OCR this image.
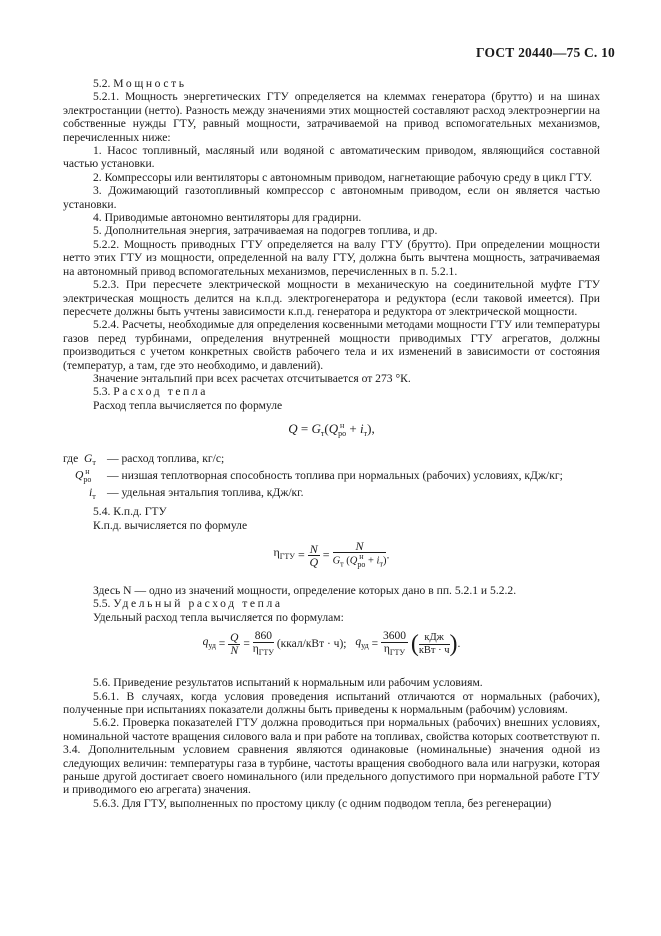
ГОСТ 20440—75 С. 10

5.2. Мощность

5.2.1. Мощность энергетических ГТУ определяется на клеммах генератора (брутто) и на шинах электростанции (нетто). Разность между значениями этих мощностей составляют расход электроэнергии на собственные нужды ГТУ, равный мощности, затрачиваемой на привод вспомогательных механизмов, перечисленных ниже:

1. Насос топливный, масляный или водяной с автоматическим приводом, являющийся составной частью установки.

2. Компрессоры или вентиляторы с автономным приводом, нагнетающие рабочую среду в цикл ГТУ.

3. Дожимающий газотопливный компрессор с автономным приводом, если он является частью установки.

4. Приводимые автономно вентиляторы для градирни.

5. Дополнительная энергия, затрачиваемая на подогрев топлива, и др.

5.2.2. Мощность приводных ГТУ определяется на валу ГТУ (брутто). При определении мощности нетто этих ГТУ из мощности, определенной на валу ГТУ, должна быть вычтена мощность, затрачиваемая на автономный привод вспомогательных механизмов, перечисленных в п. 5.2.1.

5.2.3. При пересчете электрической мощности в механическую на соединительной муфте ГТУ электрическая мощность делится на к.п.д. электрогенератора и редуктора (если таковой имеется). При пересчете должны быть учтены зависимости к.п.д. генератора и редуктора от электрической мощности.

5.2.4. Расчеты, необходимые для определения косвенными методами мощности ГТУ или температуры газов перед турбинами, определения внутренней мощности приводимых ГТУ агрегатов, должны производиться с учетом конкретных свойств рабочего тела и их изменений в зависимости от состояния (температур, а там, где это необходимо, и давлений).

Значение энтальпий при всех расчетах отсчитывается от 273 °К.

5.3. Расход тепла

Расход тепла вычисляется по формуле

$Q = G_т(Q$ н
ро + $i_т$),
где $G_т$ — расход топлива, кг/с;
Q н
ро — низшая теплотворная способность топлива при нормальных (рабочих) условиях, кДж/кг;
$i_т$ — удельная энтальпия топлива, кДж/кг.

5.4. К.п.д. ГТУ

К.п.д. вычисляется по формуле

$\eta_{ГТУ} = \frac{N}{Q}$ =
N
$G_т$ (Q н
ро + $i_т$) .

Здесь N — одно из значений мощности, определение которых дано в пп. 5.2.1 и 5.2.2.

5.5. Удельный расход тепла

Удельный расход тепла вычисляется по формулам:

$q_{уд} = \frac{Q}{N} = \frac{860}{\eta_{ГТУ}}$ (ккал/кВт · ч); $q_{уд} = \frac{3600}{\eta_{ГТУ}}$ ( $\frac{\text{кДж}}{\text{кВт · ч}}$ ).

5.6. Приведение результатов испытаний к нормальным или рабочим условиям.

5.6.1. В случаях, когда условия проведения испытаний отличаются от нормальных (рабочих), полученные при испытаниях показатели должны быть приведены к нормальным (рабочим) условиям.

5.6.2. Проверка показателей ГТУ должна проводиться при нормальных (рабочих) внешних условиях, номинальной частоте вращения силового вала и при работе на топливах, свойства которых соответствуют п. 3.4. Дополнительным условием сравнения являются одинаковые (номинальные) значения одной из следующих величин: температуры газа в турбине, частоты вращения свободного вала или нагрузки, которая раньше другой достигает своего номинального (или предельного допустимого при нормальной работе ГТУ и приводимого ею агрегата) значения.

5.6.3. Для ГТУ, выполненных по простому циклу (с одним подводом тепла, без регенерации)
